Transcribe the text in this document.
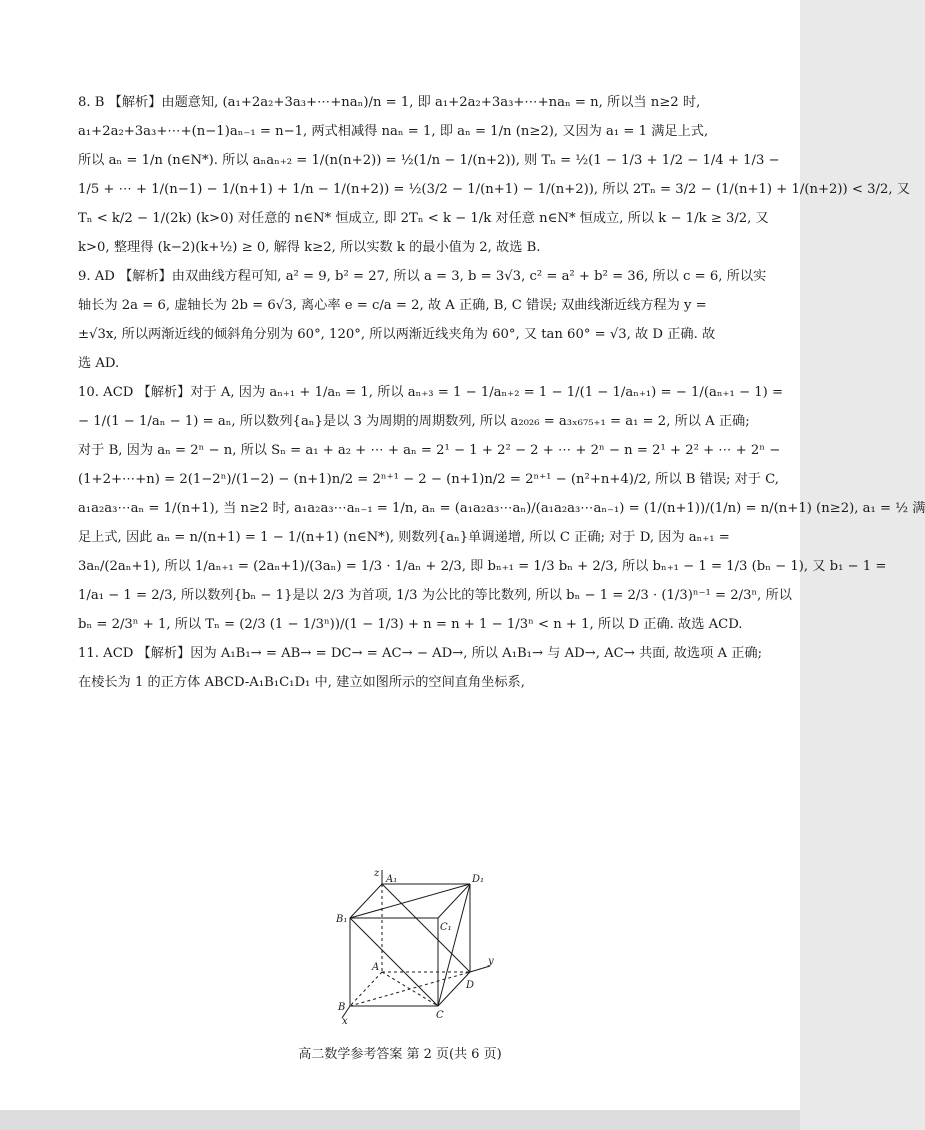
8. B 【解析】由题意知, (a₁+2a₂+3a₃+⋯+naₙ)/n = 1, 即 a₁+2a₂+3a₃+⋯+naₙ = n, 所以当 n≥2 时,
a₁+2a₂+3a₃+⋯+(n−1)aₙ₋₁ = n−1, 两式相减得 naₙ = 1, 即 aₙ = 1/n (n≥2), 又因为 a₁ = 1 满足上式,
所以 aₙ = 1/n (n∈N*). 所以 aₙaₙ₊₂ = 1/(n(n+2)) = ½(1/n − 1/(n+2)), 则 Tₙ = ½(1 − 1/3 + 1/2 − 1/4 + 1/3 −
1/5 + ⋯ + 1/(n−1) − 1/(n+1) + 1/n − 1/(n+2)) = ½(3/2 − 1/(n+1) − 1/(n+2)), 所以 2Tₙ = 3/2 − (1/(n+1) + 1/(n+2)) < 3/2, 又
Tₙ < k/2 − 1/(2k) (k>0) 对任意的 n∈N* 恒成立, 即 2Tₙ < k − 1/k 对任意 n∈N* 恒成立, 所以 k − 1/k ≥ 3/2, 又
k>0, 整理得 (k−2)(k+½) ≥ 0, 解得 k≥2, 所以实数 k 的最小值为 2, 故选 B.
9. AD 【解析】由双曲线方程可知, a² = 9, b² = 27, 所以 a = 3, b = 3√3, c² = a² + b² = 36, 所以 c = 6, 所以实
轴长为 2a = 6, 虚轴长为 2b = 6√3, 离心率 e = c/a = 2, 故 A 正确, B, C 错误; 双曲线渐近线方程为 y =
±√3x, 所以两渐近线的倾斜角分别为 60°, 120°, 所以两渐近线夹角为 60°, 又 tan 60° = √3, 故 D 正确. 故
选 AD.
10. ACD 【解析】对于 A, 因为 aₙ₊₁ + 1/aₙ = 1, 所以 aₙ₊₃ = 1 − 1/aₙ₊₂ = 1 − 1/(1 − 1/aₙ₊₁) = − 1/(aₙ₊₁ − 1) =
− 1/(1 − 1/aₙ − 1) = aₙ, 所以数列{aₙ}是以 3 为周期的周期数列, 所以 a₂₀₂₆ = a₃ₓ₆₇₅₊₁ = a₁ = 2, 所以 A 正确;
对于 B, 因为 aₙ = 2ⁿ − n, 所以 Sₙ = a₁ + a₂ + ⋯ + aₙ = 2¹ − 1 + 2² − 2 + ⋯ + 2ⁿ − n = 2¹ + 2² + ⋯ + 2ⁿ −
(1+2+⋯+n) = 2(1−2ⁿ)/(1−2) − (n+1)n/2 = 2ⁿ⁺¹ − 2 − (n+1)n/2 = 2ⁿ⁺¹ − (n²+n+4)/2, 所以 B 错误; 对于 C,
a₁a₂a₃⋯aₙ = 1/(n+1), 当 n≥2 时, a₁a₂a₃⋯aₙ₋₁ = 1/n, aₙ = (a₁a₂a₃⋯aₙ)/(a₁a₂a₃⋯aₙ₋₁) = (1/(n+1))/(1/n) = n/(n+1) (n≥2), a₁ = ½ 满
足上式, 因此 aₙ = n/(n+1) = 1 − 1/(n+1) (n∈N*), 则数列{aₙ}单调递增, 所以 C 正确; 对于 D, 因为 aₙ₊₁ =
3aₙ/(2aₙ+1), 所以 1/aₙ₊₁ = (2aₙ+1)/(3aₙ) = 1/3 · 1/aₙ + 2/3, 即 bₙ₊₁ = 1/3 bₙ + 2/3, 所以 bₙ₊₁ − 1 = 1/3 (bₙ − 1), 又 b₁ − 1 =
1/a₁ − 1 = 2/3, 所以数列{bₙ − 1}是以 2/3 为首项, 1/3 为公比的等比数列, 所以 bₙ − 1 = 2/3 · (1/3)ⁿ⁻¹ = 2/3ⁿ, 所以
bₙ = 2/3ⁿ + 1, 所以 Tₙ = (2/3 (1 − 1/3ⁿ))/(1 − 1/3) + n = n + 1 − 1/3ⁿ < n + 1, 所以 D 正确. 故选 ACD.
11. ACD 【解析】因为 A₁B₁→ = AB→ = DC→ = AC→ − AD→, 所以 A₁B₁→ 与 AD→, AC→ 共面, 故选项 A 正确;
在棱长为 1 的正方体 ABCD-A₁B₁C₁D₁ 中, 建立如图所示的空间直角坐标系,
z
A₁	D₁
B₁
C₁
A
y
D
B
C
x
高二数学参考答案 第 2 页(共 6 页)
